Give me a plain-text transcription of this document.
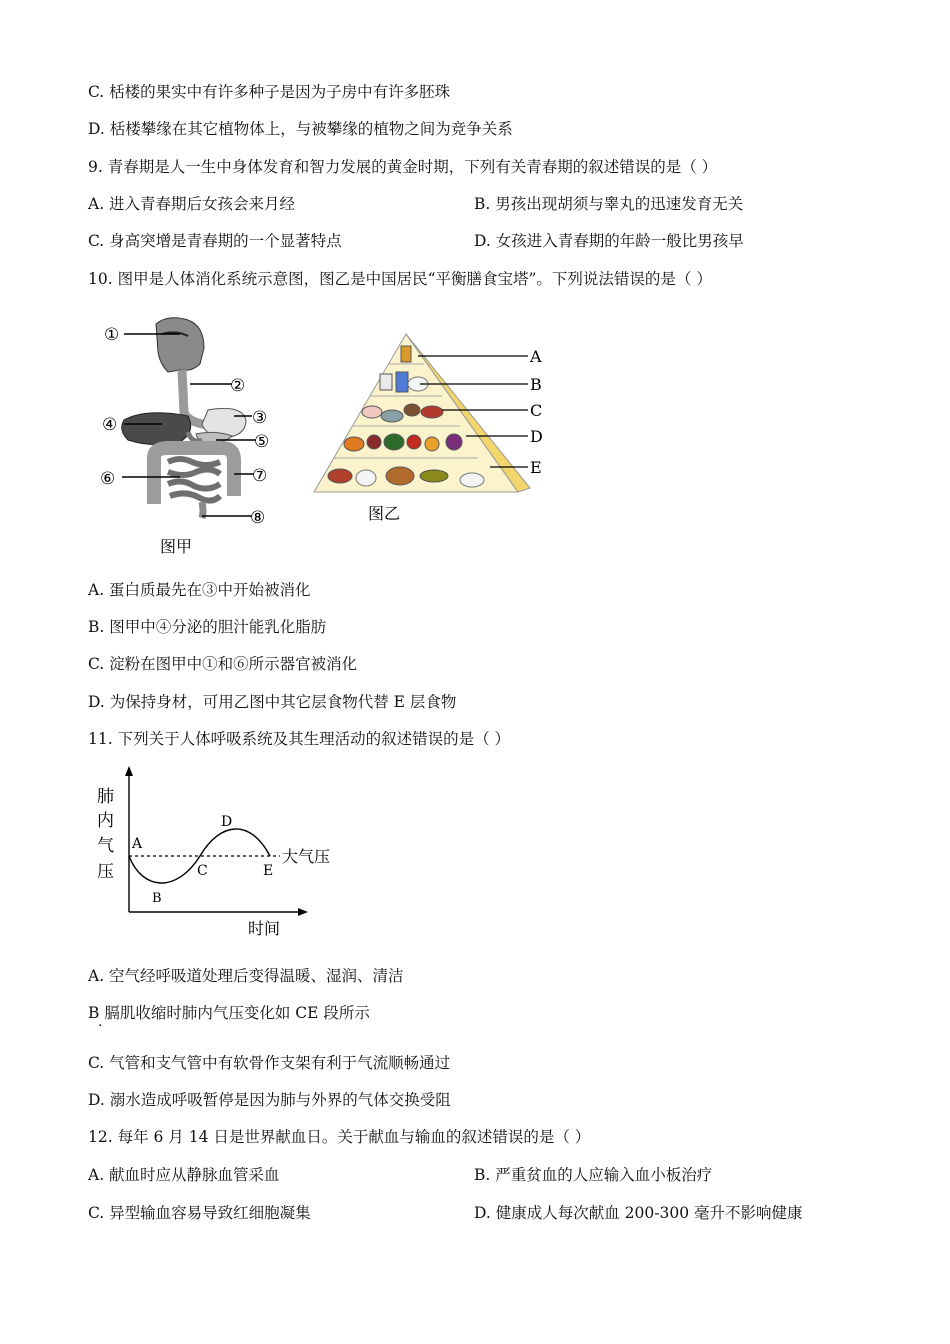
C. 栝楼的果实中有许多种子是因为子房中有许多胚珠
D. 栝楼攀缘在其它植物体上，与被攀缘的植物之间为竞争关系
9. 青春期是人一生中身体发育和智力发展的黄金时期，下列有关青春期的叙述错误的是（ ）
A. 进入青春期后女孩会来月经	B. 男孩出现胡须与睾丸的迅速发育无关
C. 身高突增是青春期的一个显著特点	D. 女孩进入青春期的年龄一般比男孩早
10. 图甲是人体消化系统示意图，图乙是中国居民“平衡膳食宝塔”。下列说法错误的是（ ）
①
②
③
④
⑤
⑥	⑦
⑧
图甲
A
B
C
D
E
图乙
A. 蛋白质最先在③中开始被消化
B. 图甲中④分泌的胆汁能乳化脂肪
C. 淀粉在图甲中①和⑥所示器官被消化
D. 为保持身材，可用乙图中其它层食物代替 E 层食物
11. 下列关于人体呼吸系统及其生理活动的叙述错误的是（ ）
肺
内
气
压
A
B
C
D
E
大气压
时间
A. 空气经呼吸道处理后变得温暖、湿润、清洁
B 膈肌收缩时肺内气压变化如 CE 段所示
·
C. 气管和支气管中有软骨作支架有利于气流顺畅通过
D. 溺水造成呼吸暂停是因为肺与外界的气体交换受阻
12. 每年 6 月 14 日是世界献血日。关于献血与输血的叙述错误的是（ ）
A. 献血时应从静脉血管采血	B. 严重贫血的人应输入血小板治疗
C. 异型输血容易导致红细胞凝集	D. 健康成人每次献血 200-300 毫升不影响健康
